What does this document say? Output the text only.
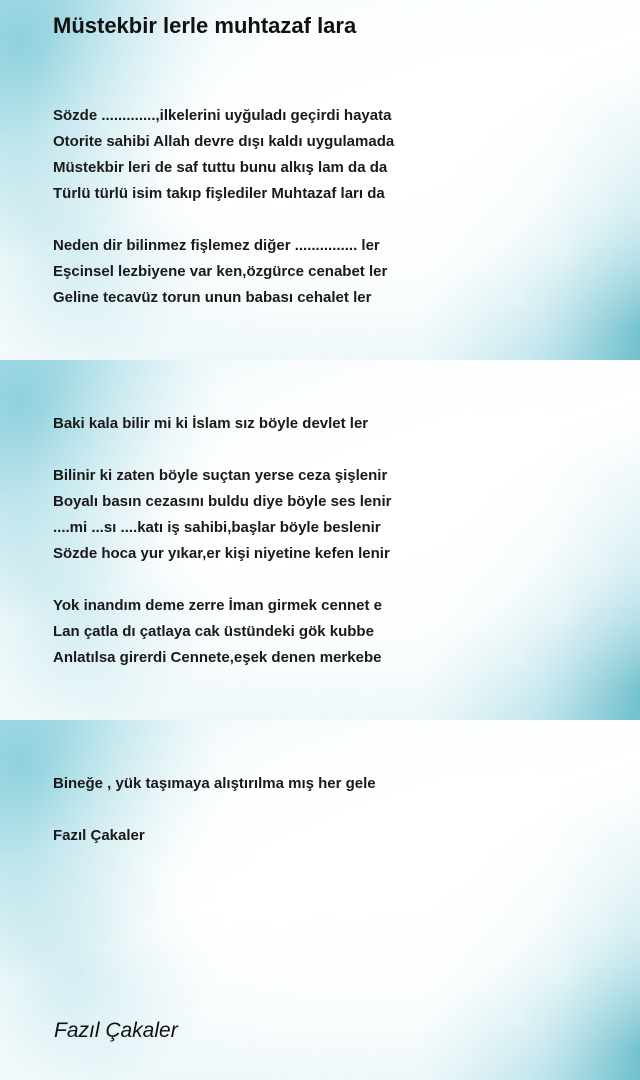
Müstekbir lerle muhtazaf lara
Sözde .............,ilkelerini uyğuladı geçirdi hayata
Otorite sahibi Allah devre dışı kaldı uygulamada
Müstekbir leri de saf tuttu bunu alkış lam da da
Türlü türlü isim takıp fişlediler Muhtazaf ları da
Neden dir bilinmez fişlemez diğer ............... ler
Eşcinsel lezbiyene var ken,özgürce cenabet ler
Geline tecavüz torun unun babası cehalet ler
Baki kala bilir mi ki İslam sız böyle devlet ler
Bilinir ki zaten böyle suçtan yerse ceza şişlenir
Boyalı basın cezasını buldu diye böyle ses lenir
....mi ...sı ....katı iş sahibi,başlar böyle beslenir
Sözde hoca yur yıkar,er kişi niyetine kefen lenir
Yok inandım deme zerre İman girmek cennet e
Lan çatla dı çatlaya cak üstündeki gök kubbe
Anlatılsa girerdi Cennete,eşek denen merkebe
Bineğe , yük taşımaya alıştırılma mış her gele
Fazıl Çakaler
Fazıl Çakaler
